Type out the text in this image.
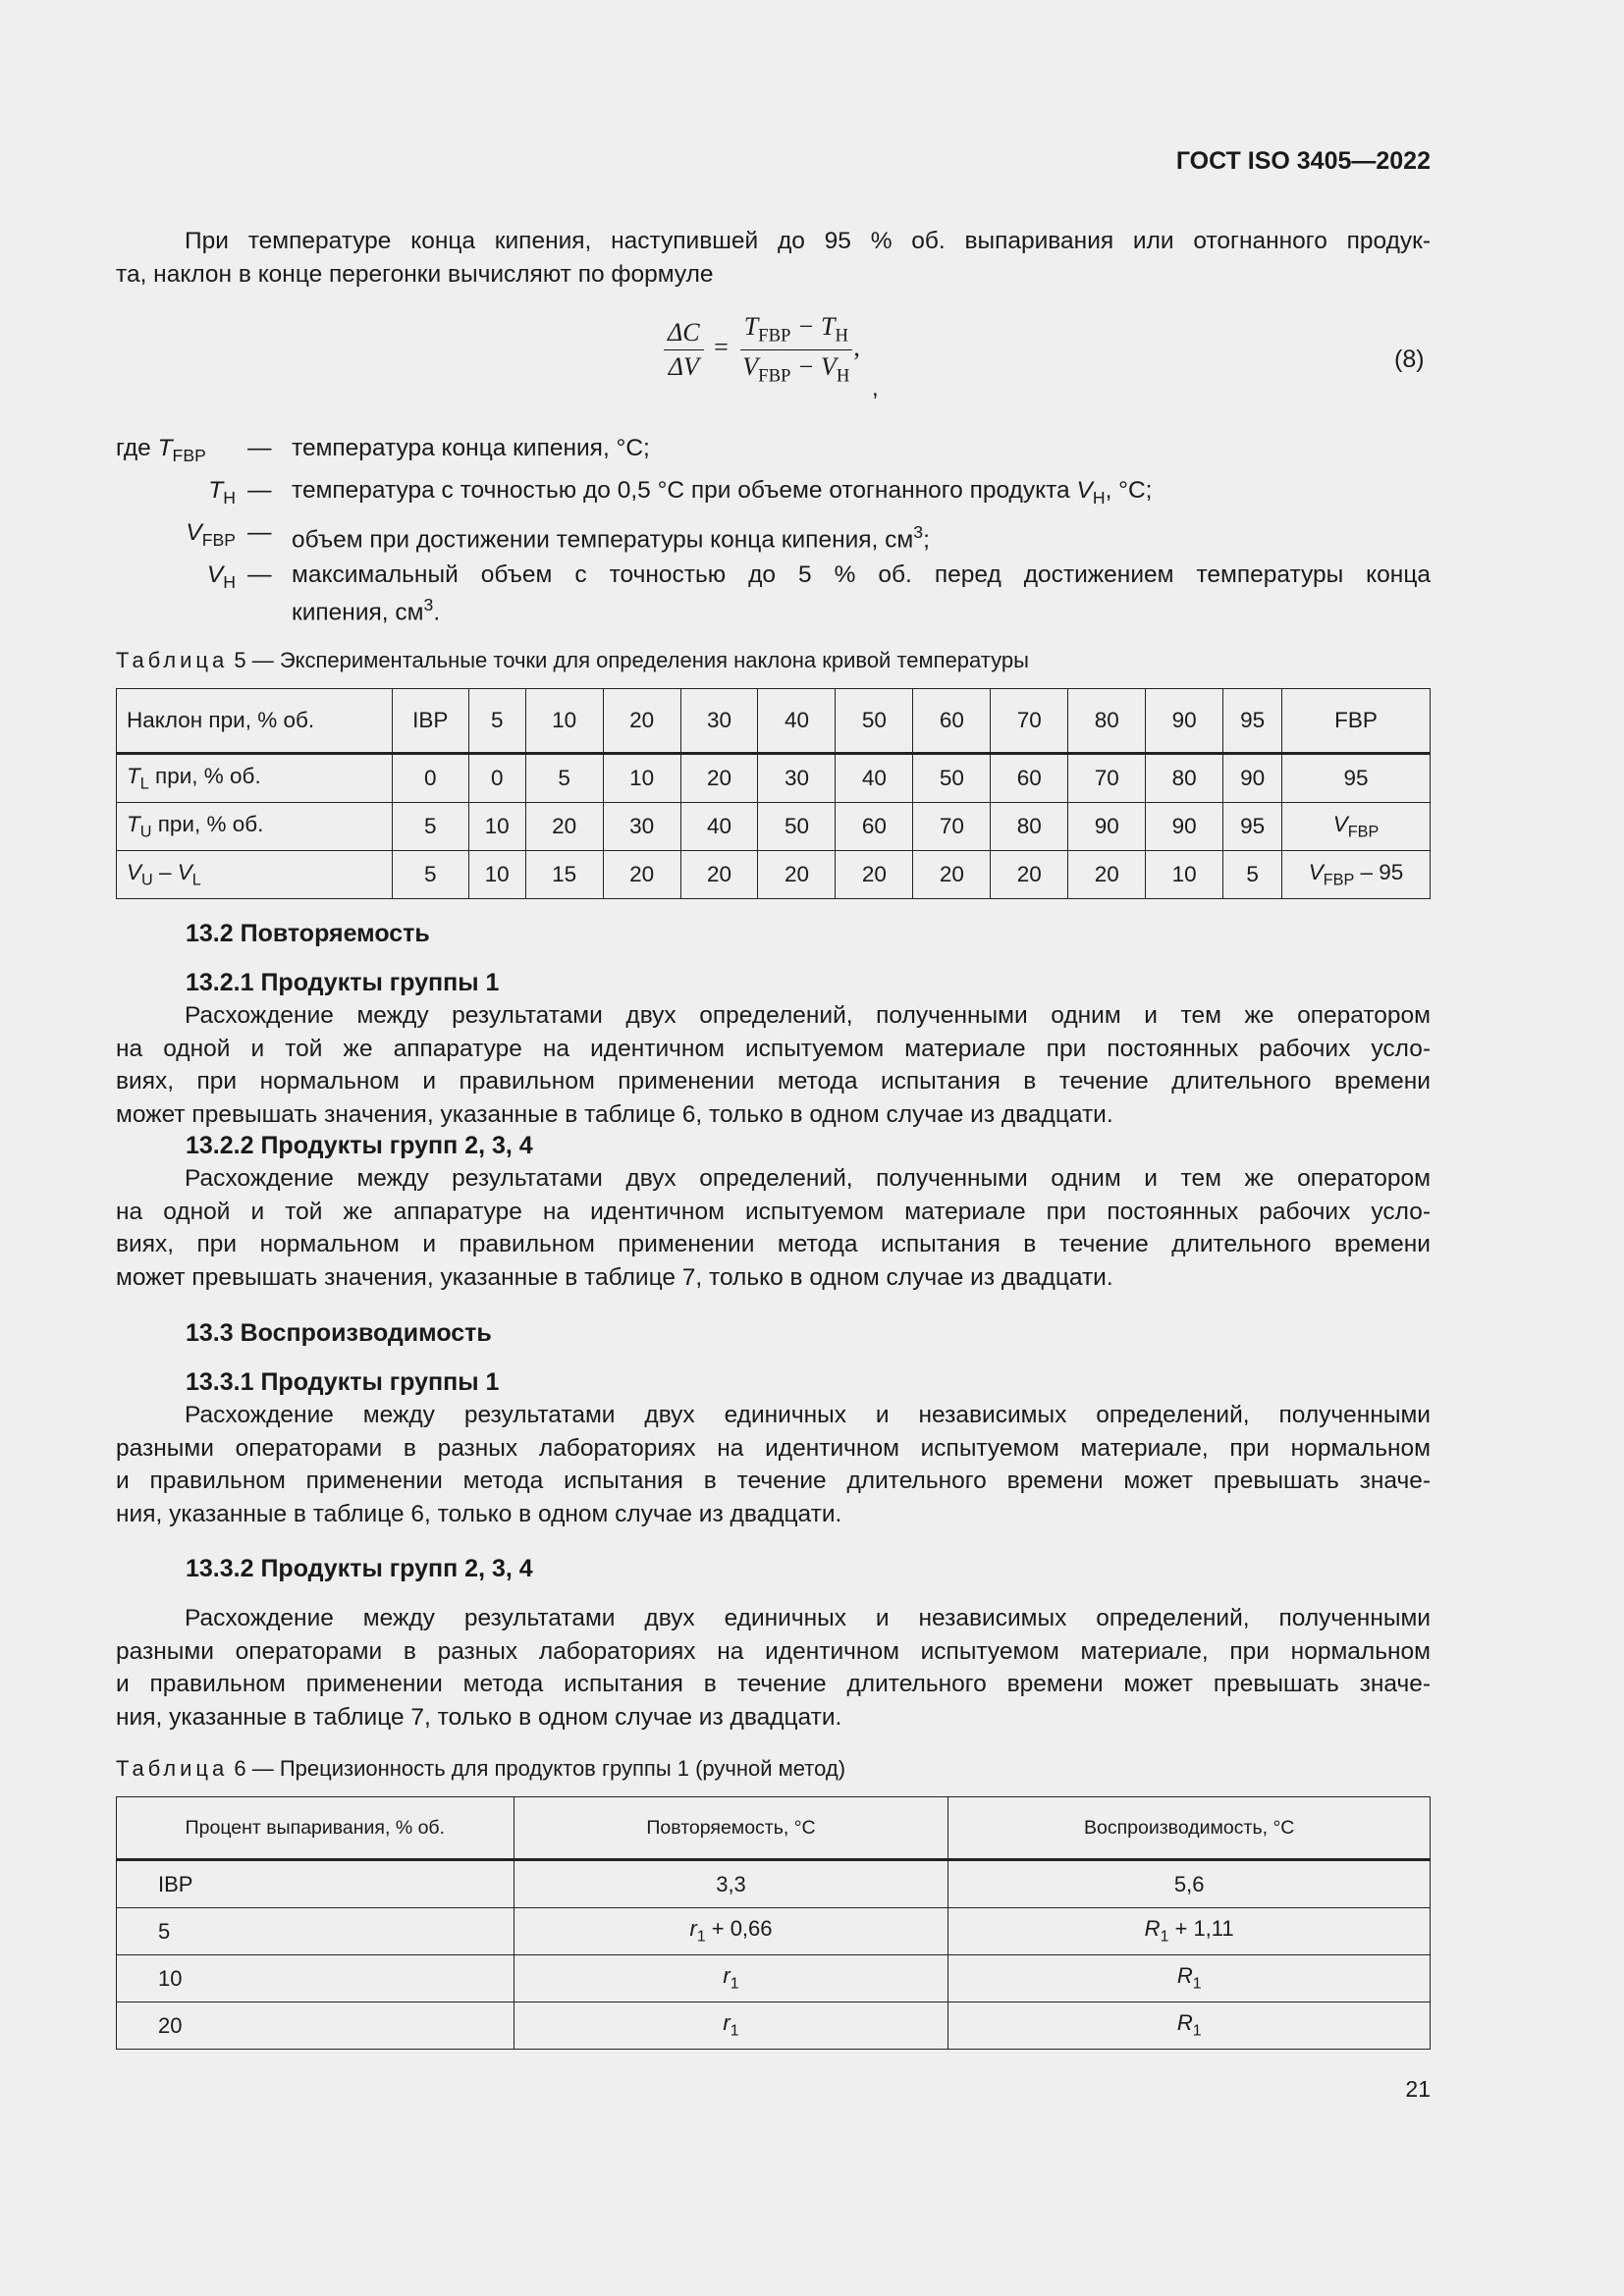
ГОСТ ISO 3405—2022
При температуре конца кипения, наступившей до 95 % об. выпаривания или отогнанного продук-
та, наклон в конце перегонки вычисляют по формуле
$\frac{\Delta C}{\Delta V} = \frac{T_{FBP} - T_H}{V_{FBP} - V_H}$ ,
,
(8)
где $T_{FBP}$ — температура конца кипения, °С;
$T_H$ — температура с точностью до 0,5 °С при объеме отогнанного продукта $V_H$, °С;
$V_{FBP}$ — объем при достижении температуры конца кипения, $см^3$;
$V_H$ — максимальный объем с точностью до 5 % об. перед достижением температуры конца
кипения, $см^3$.
Таблица 5 — Экспериментальные точки для определения наклона кривой температуры
Наклон при, % об.	IBP	5	10	20	30	40	50	60	70	80	90	95	FBP
$T_L$ при, % об.	0	0	5	10	20	30	40	50	60	70	80	90	95
$T_U$ при, % об.	5	10	20	30	40	50	60	70	80	90	90	95	$V_{FBP}$
$V_U - V_L$	5	10	15	20	20	20	20	20	20	20	10	5	$V_{FBP} - 95$
13.2 Повторяемость
13.2.1 Продукты группы 1
Расхождение между результатами двух определений, полученными одним и тем же оператором
на одной и той же аппаратуре на идентичном испытуемом материале при постоянных рабочих усло-
виях, при нормальном и правильном применении метода испытания в течение длительного времени
может превышать значения, указанные в таблице 6, только в одном случае из двадцати.
13.2.2 Продукты групп 2, 3, 4
Расхождение между результатами двух определений, полученными одним и тем же оператором
на одной и той же аппаратуре на идентичном испытуемом материале при постоянных рабочих усло-
виях, при нормальном и правильном применении метода испытания в течение длительного времени
может превышать значения, указанные в таблице 7, только в одном случае из двадцати.
13.3 Воспроизводимость
13.3.1 Продукты группы 1
Расхождение между результатами двух единичных и независимых определений, полученными
разными операторами в разных лабораториях на идентичном испытуемом материале, при нормальном
и правильном применении метода испытания в течение длительного времени может превышать значе-
ния, указанные в таблице 6, только в одном случае из двадцати.
13.3.2 Продукты групп 2, 3, 4
Расхождение между результатами двух единичных и независимых определений, полученными
разными операторами в разных лабораториях на идентичном испытуемом материале, при нормальном
и правильном применении метода испытания в течение длительного времени может превышать значе-
ния, указанные в таблице 7, только в одном случае из двадцати.
Таблица 6 — Прецизионность для продуктов группы 1 (ручной метод)
Процент выпаривания, % об.	Повторяемость, °С	Воспроизводимость, °С
IBP	3,3	5,6
5	$r_1 + 0,66$	$R_1 + 1,11$
10	$r_1$	$R_1$
20	$r_1$	$R_1$
21
